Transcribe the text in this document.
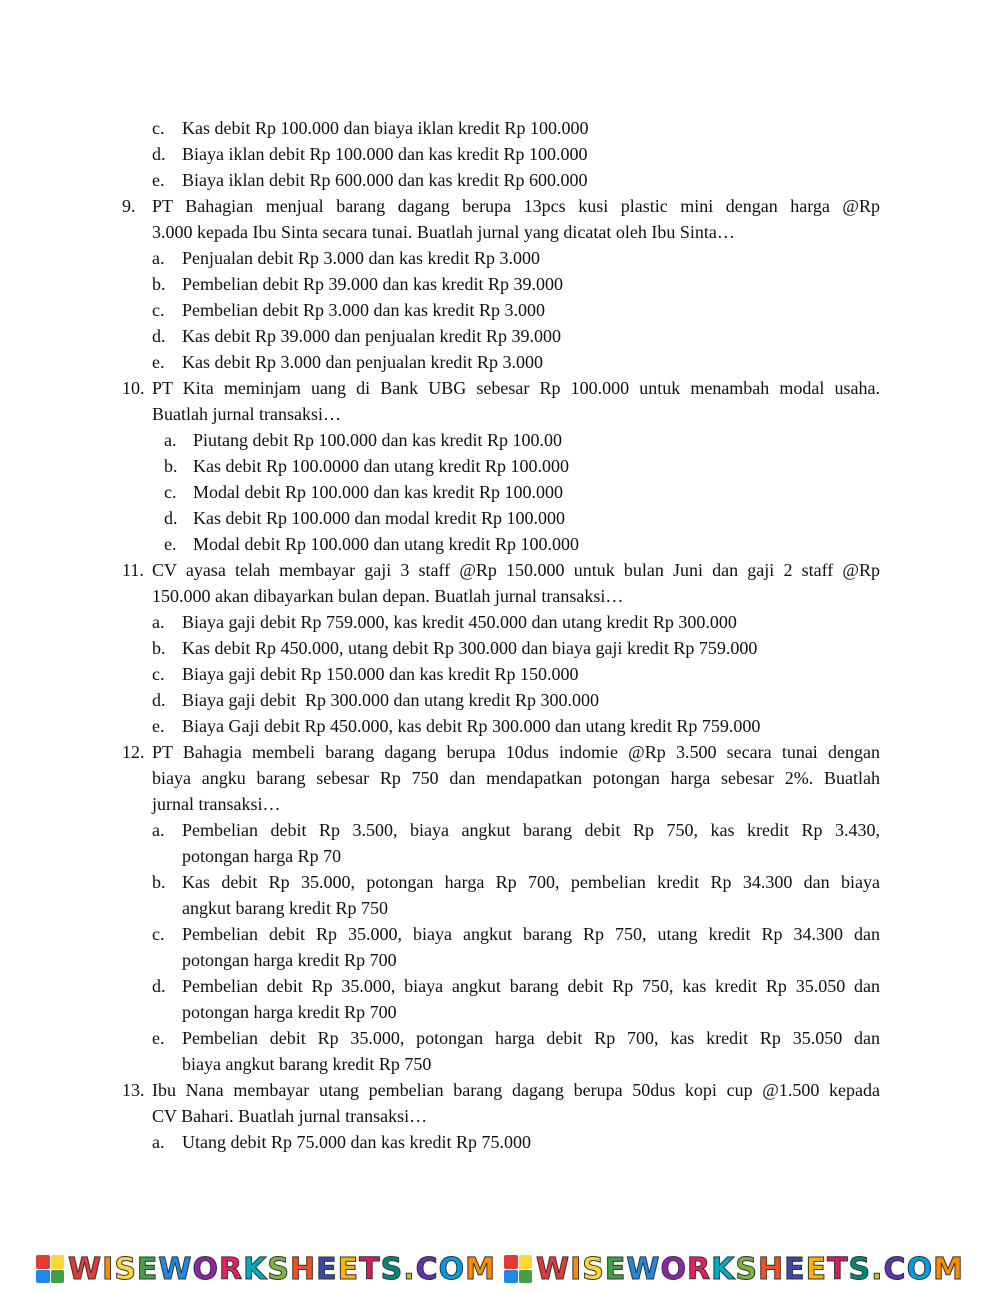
c. Kas debit Rp 100.000 dan biaya iklan kredit Rp 100.000
d. Biaya iklan debit Rp 100.000 dan kas kredit Rp 100.000
e. Biaya iklan debit Rp 600.000 dan kas kredit Rp 600.000
9. PT Bahagian menjual barang dagang berupa 13pcs kusi plastic mini dengan harga @Rp
3.000 kepada Ibu Sinta secara tunai. Buatlah jurnal yang dicatat oleh Ibu Sinta…
a. Penjualan debit Rp 3.000 dan kas kredit Rp 3.000
b. Pembelian debit Rp 39.000 dan kas kredit Rp 39.000
c. Pembelian debit Rp 3.000 dan kas kredit Rp 3.000
d. Kas debit Rp 39.000 dan penjualan kredit Rp 39.000
e. Kas debit Rp 3.000 dan penjualan kredit Rp 3.000
10. PT Kita meminjam uang di Bank UBG sebesar Rp 100.000 untuk menambah modal usaha.
Buatlah jurnal transaksi…
a. Piutang debit Rp 100.000 dan kas kredit Rp 100.00
b. Kas debit Rp 100.0000 dan utang kredit Rp 100.000
c. Modal debit Rp 100.000 dan kas kredit Rp 100.000
d. Kas debit Rp 100.000 dan modal kredit Rp 100.000
e. Modal debit Rp 100.000 dan utang kredit Rp 100.000
11. CV ayasa telah membayar gaji 3 staff @Rp 150.000 untuk bulan Juni dan gaji 2 staff @Rp
150.000 akan dibayarkan bulan depan. Buatlah jurnal transaksi…
a. Biaya gaji debit Rp 759.000, kas kredit 450.000 dan utang kredit Rp 300.000
b. Kas debit Rp 450.000, utang debit Rp 300.000 dan biaya gaji kredit Rp 759.000
c. Biaya gaji debit Rp 150.000 dan kas kredit Rp 150.000
d. Biaya gaji debit  Rp 300.000 dan utang kredit Rp 300.000
e. Biaya Gaji debit Rp 450.000, kas debit Rp 300.000 dan utang kredit Rp 759.000
12. PT Bahagia membeli barang dagang berupa 10dus indomie @Rp 3.500 secara tunai dengan
biaya angku barang sebesar Rp 750 dan mendapatkan potongan harga sebesar 2%. Buatlah
jurnal transaksi…
a. Pembelian debit Rp 3.500, biaya angkut barang debit Rp 750, kas kredit Rp 3.430,
potongan harga Rp 70
b. Kas debit Rp 35.000, potongan harga Rp 700, pembelian kredit Rp 34.300 dan biaya
angkut barang kredit Rp 750
c. Pembelian debit Rp 35.000, biaya angkut barang Rp 750, utang kredit Rp 34.300 dan
potongan harga kredit Rp 700
d. Pembelian debit Rp 35.000, biaya angkut barang debit Rp 750, kas kredit Rp 35.050 dan
potongan harga kredit Rp 700
e. Pembelian debit Rp 35.000, potongan harga debit Rp 700, kas kredit Rp 35.050 dan
biaya angkut barang kredit Rp 750
13. Ibu Nana membayar utang pembelian barang dagang berupa 50dus kopi cup @1.500 kepada
CV Bahari. Buatlah jurnal transaksi…
a. Utang debit Rp 75.000 dan kas kredit Rp 75.000
WISEWORKSHEETS.COM WISEWORKSHEETS.COM
